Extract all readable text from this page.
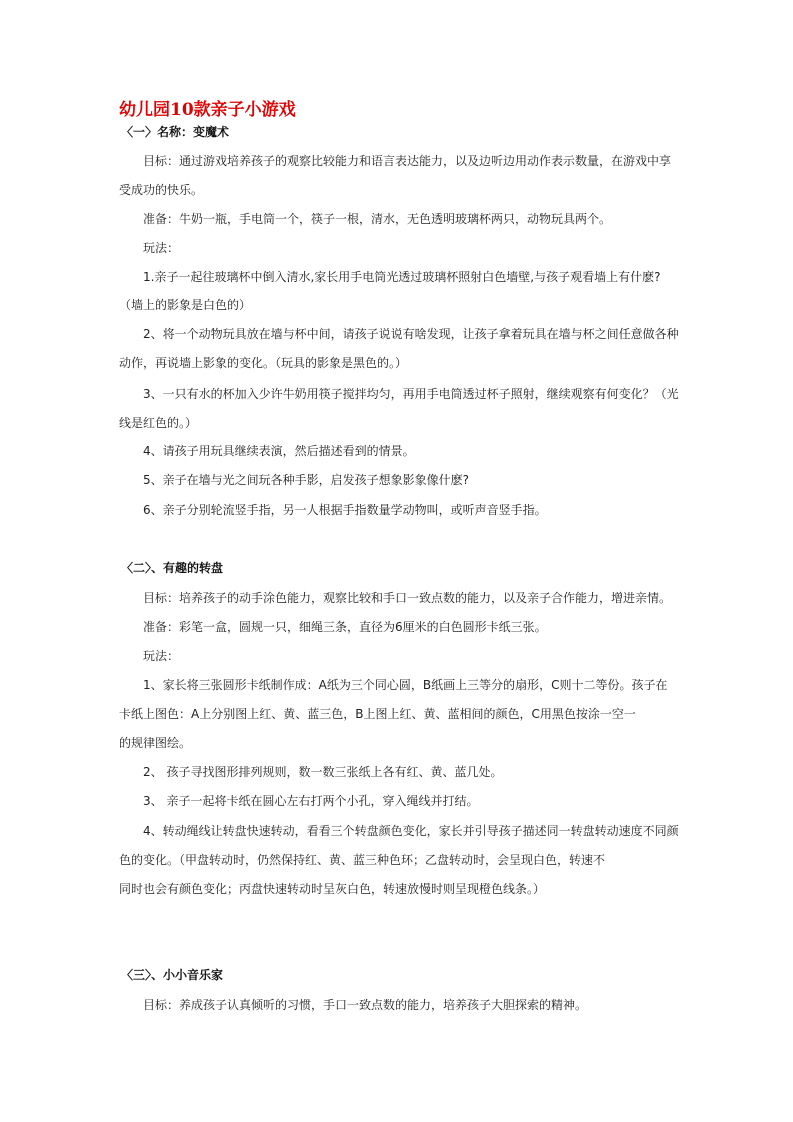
幼儿园10款亲子小游戏
〈一〉名称：变魔术
目标：通过游戏培养孩子的观察比较能力和语言表达能力，以及边听边用动作表示数量，在游戏中享
受成功的快乐。
准备：牛奶一瓶，手电筒一个，筷子一根，清水，无色透明玻璃杯两只，动物玩具两个。
玩法：
1.亲子一起往玻璃杯中倒入清水,家长用手电筒光透过玻璃杯照射白色墙壁,与孩子观看墙上有什麽?
（墙上的影象是白色的）
2、将一个动物玩具放在墙与杯中间，请孩子说说有啥发现，让孩子拿着玩具在墙与杯之间任意做各种
动作，再说墙上影象的变化。（玩具的影象是黑色的。）
3、一只有水的杯加入少许牛奶用筷子搅拌均匀，再用手电筒透过杯子照射，继续观察有何变化？（光
线是红色的。）
4、请孩子用玩具继续表演，然后描述看到的情景。
5、亲子在墙与光之间玩各种手影，启发孩子想象影象像什麽?
6、亲子分别轮流竖手指，另一人根据手指数量学动物叫，或听声音竖手指。
〈二〉、有趣的转盘
目标：培养孩子的动手涂色能力，观察比较和手口一致点数的能力，以及亲子合作能力，增进亲情。
准备：彩笔一盒，圆规一只，细绳三条，直径为6厘米的白色圆形卡纸三张。
玩法：
1、家长将三张圆形卡纸制作成：A纸为三个同心圆，B纸画上三等分的扇形，C则十二等份。孩子在
卡纸上图色：A上分别图上红、黄、蓝三色，B上图上红、黄、蓝相间的颜色，C用黑色按涂一空一
的规律图绘。
2、 孩子寻找图形排列规则，数一数三张纸上各有红、黄、蓝几处。
3、 亲子一起将卡纸在圆心左右打两个小孔，穿入绳线并打结。
4、转动绳线让转盘快速转动，看看三个转盘颜色变化，家长并引导孩子描述同一转盘转动速度不同颜
色的变化。（甲盘转动时，仍然保持红、黄、蓝三种色环；乙盘转动时，会呈现白色，转速不
同时也会有颜色变化；丙盘快速转动时呈灰白色，转速放慢时则呈现橙色线条。）
〈三〉、小小音乐家
目标：养成孩子认真倾听的习惯，手口一致点数的能力，培养孩子大胆探索的精神。
